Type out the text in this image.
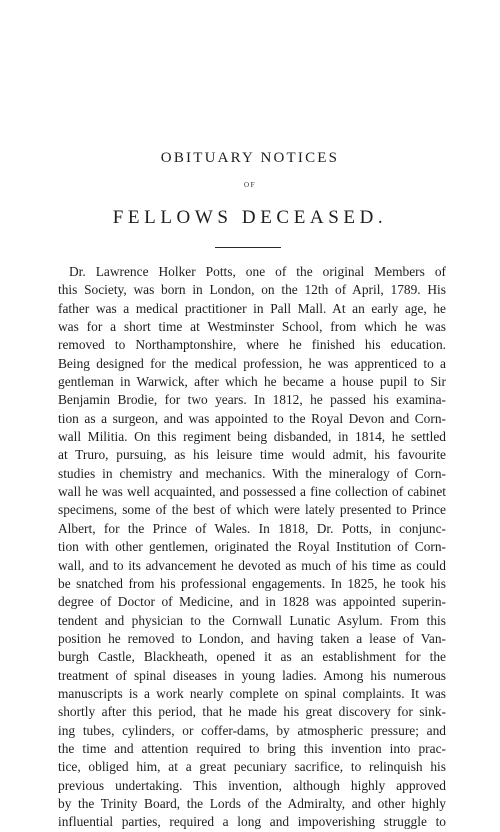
OBITUARY NOTICES
OF
FELLOWS DECEASED.
Dr. Lawrence Holker Potts, one of the original Members of
this Society, was born in London, on the 12th of April, 1789. His
father was a medical practitioner in Pall Mall. At an early age, he
was for a short time at Westminster School, from which he was
removed to Northamptonshire, where he finished his education.
Being designed for the medical profession, he was apprenticed to a
gentleman in Warwick, after which he became a house pupil to Sir
Benjamin Brodie, for two years. In 1812, he passed his examina-
tion as a surgeon, and was appointed to the Royal Devon and Corn-
wall Militia. On this regiment being disbanded, in 1814, he settled
at Truro, pursuing, as his leisure time would admit, his favourite
studies in chemistry and mechanics. With the mineralogy of Corn-
wall he was well acquainted, and possessed a fine collection of cabinet
specimens, some of the best of which were lately presented to Prince
Albert, for the Prince of Wales. In 1818, Dr. Potts, in conjunc-
tion with other gentlemen, originated the Royal Institution of Corn-
wall, and to its advancement he devoted as much of his time as could
be snatched from his professional engagements. In 1825, he took his
degree of Doctor of Medicine, and in 1828 was appointed superin-
tendent and physician to the Cornwall Lunatic Asylum. From this
position he removed to London, and having taken a lease of Van-
burgh Castle, Blackheath, opened it as an establishment for the
treatment of spinal diseases in young ladies. Among his numerous
manuscripts is a work nearly complete on spinal complaints. It was
shortly after this period, that he made his great discovery for sink-
ing tubes, cylinders, or coffer-dams, by atmospheric pressure; and
the time and attention required to bring this invention into prac-
tice, obliged him, at a great pecuniary sacrifice, to relinquish his
previous undertaking. This invention, although highly approved
by the Trinity Board, the Lords of the Admiralty, and other highly
influential parties, required a long and impoverishing struggle to
